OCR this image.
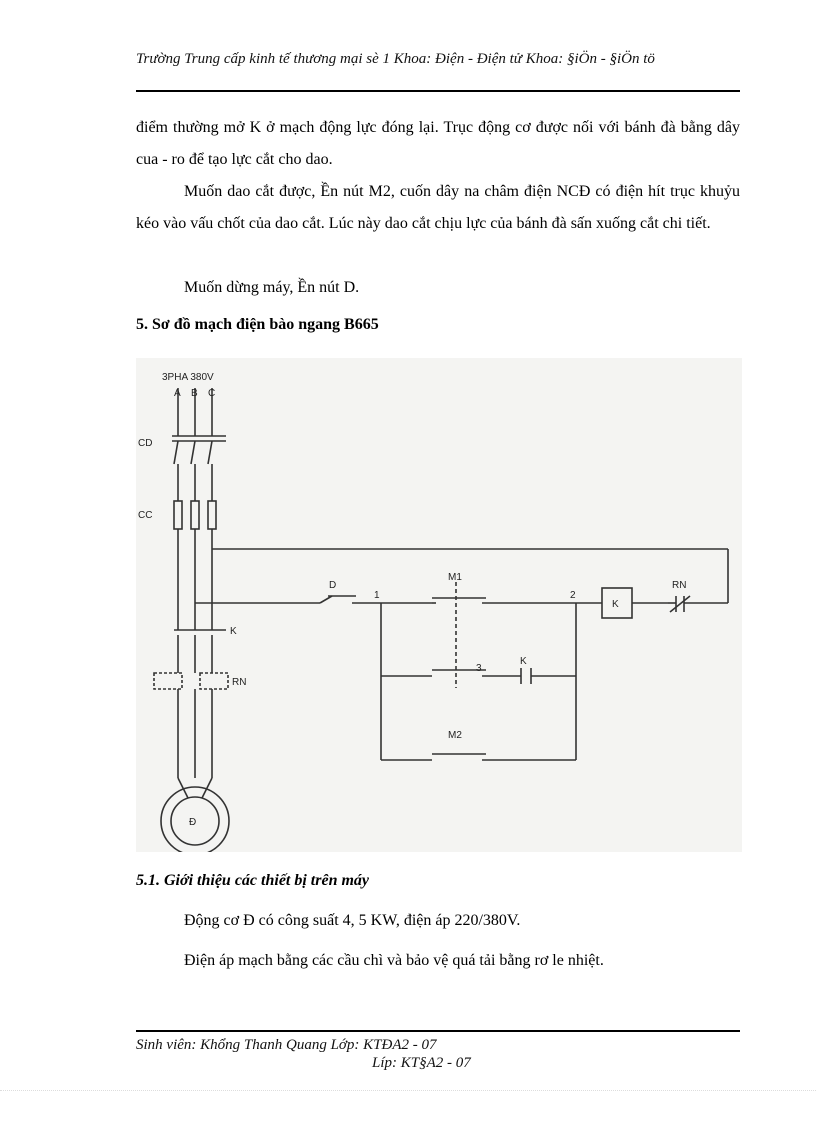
Trường Trung cấp kinh tế thương mại sè 1 Khoa: Điện - Điện tử Khoa: §iÖn - §iÖn tö
điểm thường mở K ở mạch động lực đóng lại. Trục động cơ được nối với bánh đà bằng dây cua - ro để tạo lực cắt cho dao.
Muốn dao cắt được, Ền nút M2, cuốn dây na châm điện NCĐ có điện hít trục khuỷu kéo vào vấu chốt của dao cắt. Lúc này dao cắt chịu lực của bánh đà sấn xuống cắt chi tiết.
Muốn dừng máy, Ền nút D.
5. Sơ đồ mạch điện bào ngang B665
3PHA 380V
A B C
CD
CC
K
RN
D
1	2
3
M1
M2
K
K
RN
Đ
5.1. Giới thiệu các thiết bị trên máy
Động cơ Đ có công suất 4, 5 KW, điện áp 220/380V.
Điện áp mạch bằng các cầu chì và bảo vệ quá tải bằng rơ le nhiệt.
Sinh viên: Khổng Thanh Quang Lớp: KTĐA2 - 07
Líp: KT§A2 - 07
